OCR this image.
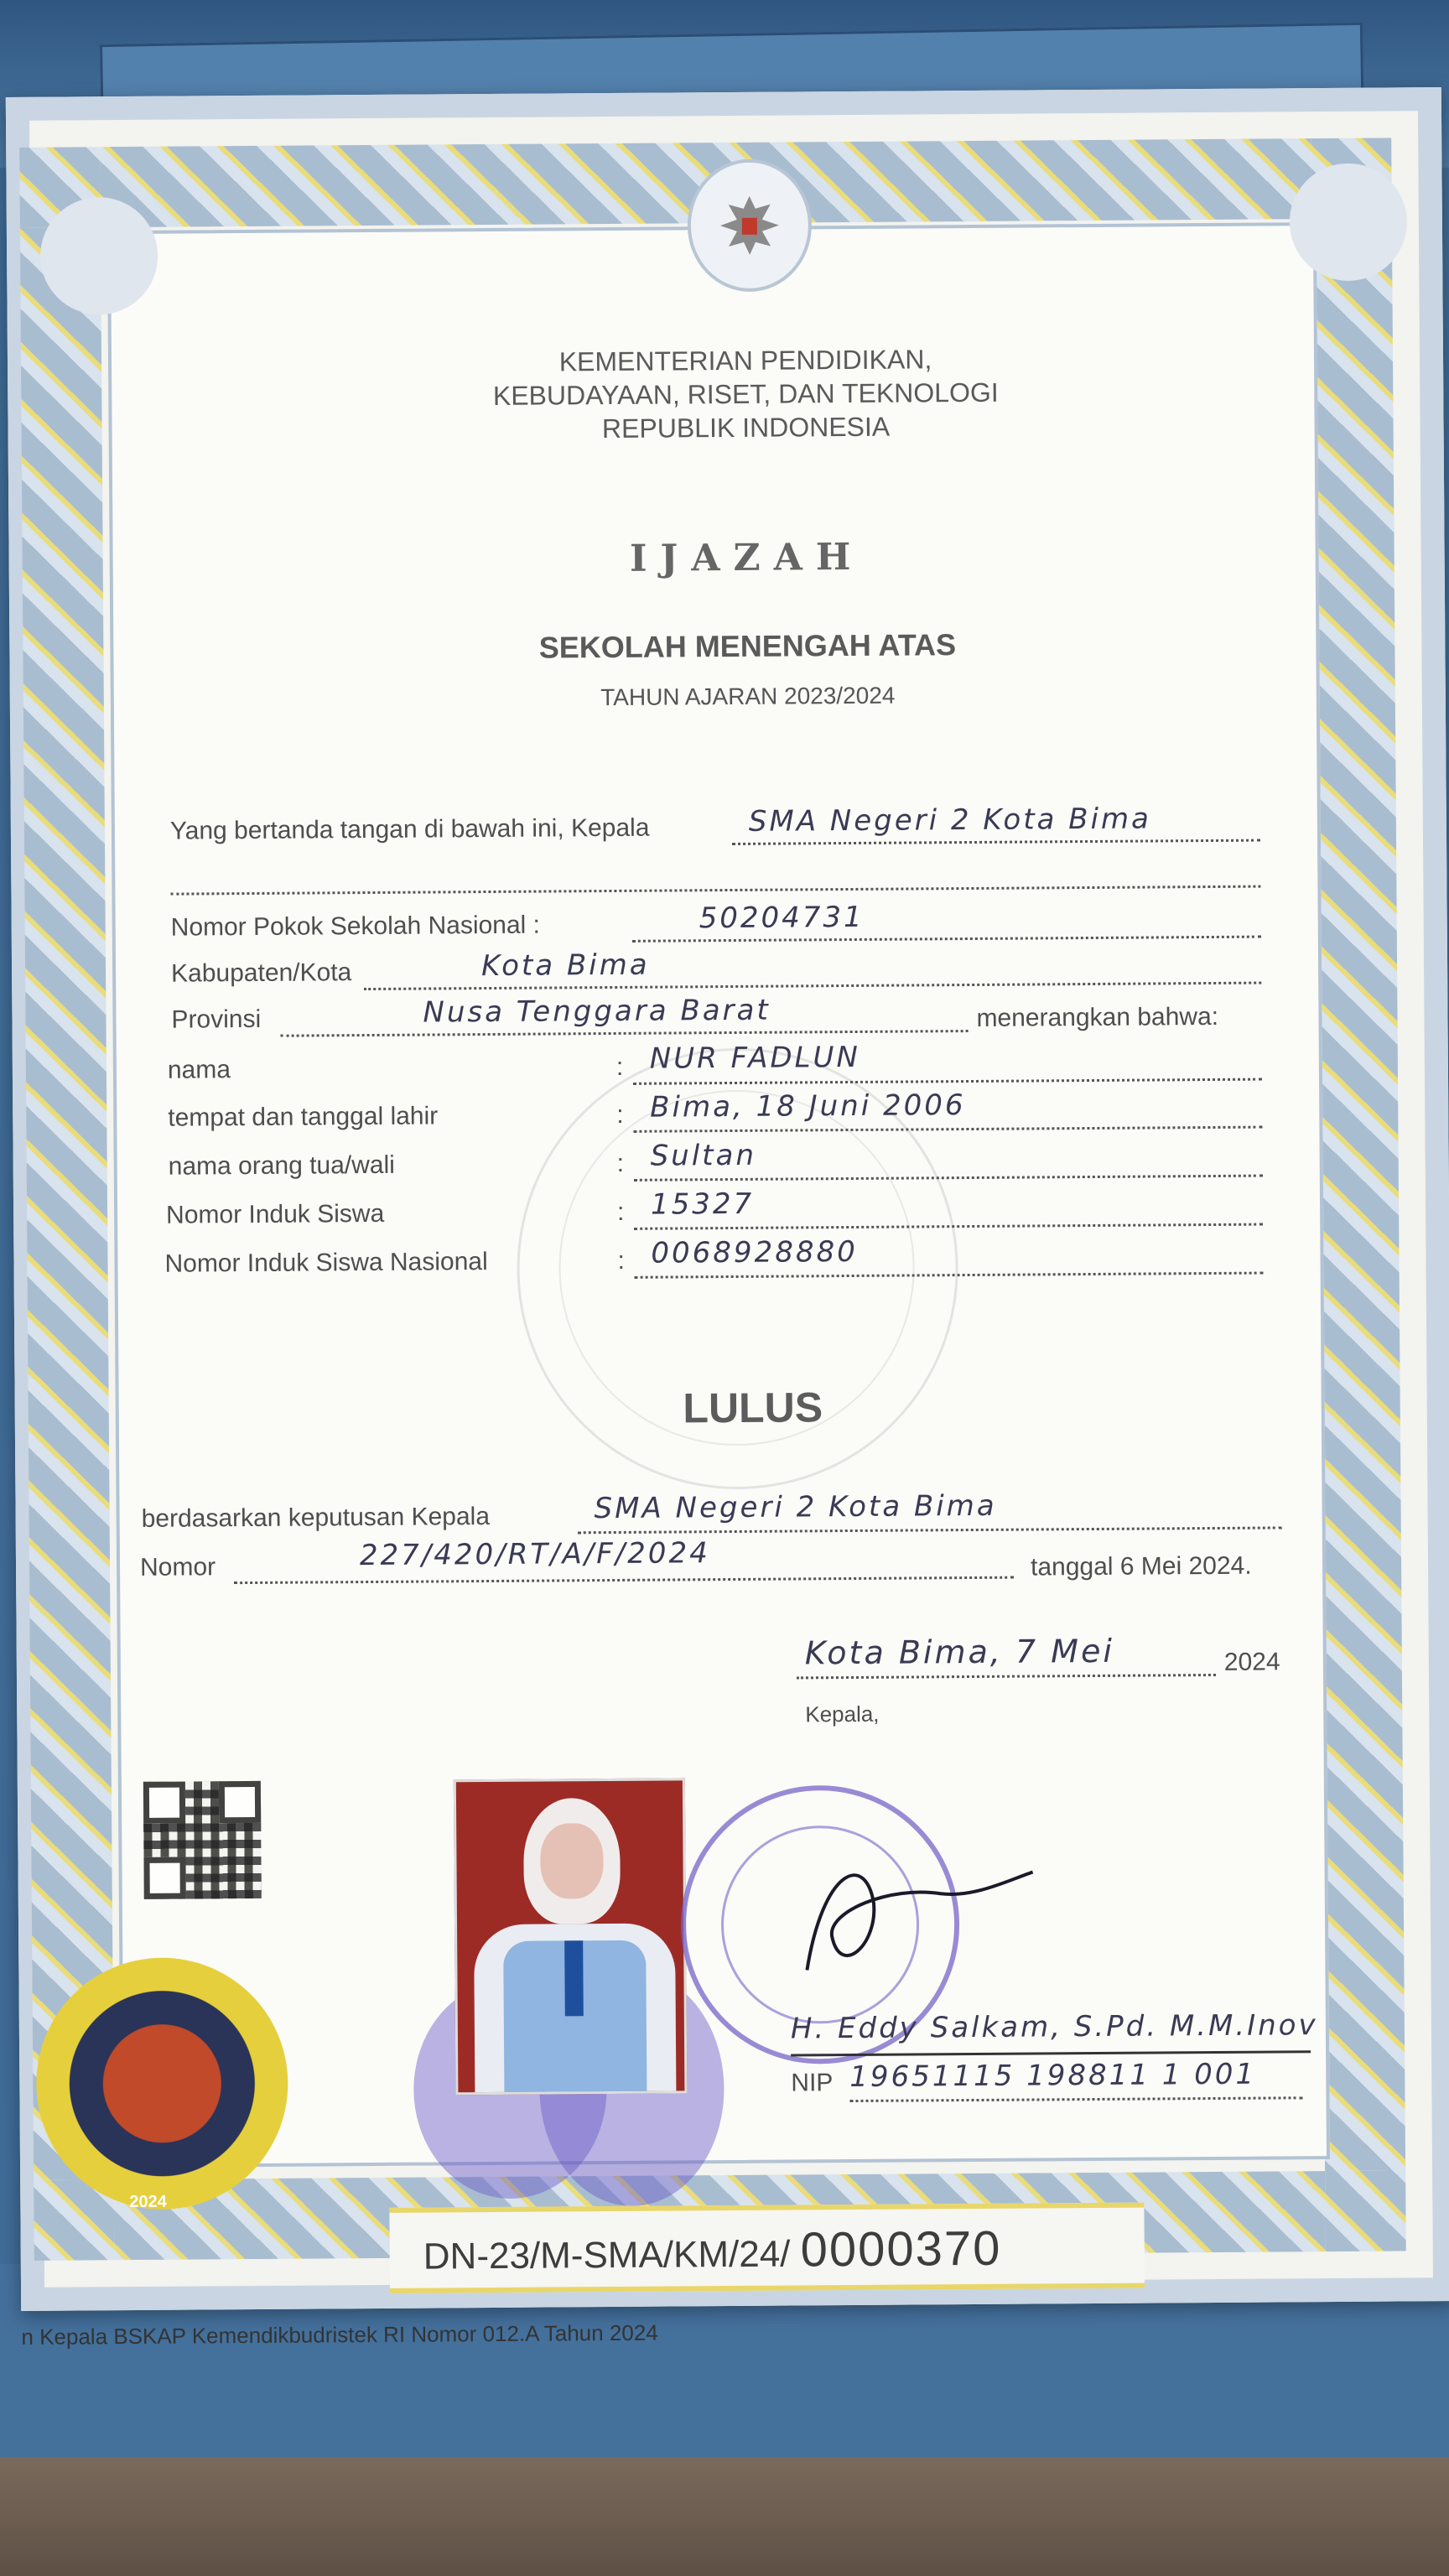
KEMENTERIAN PENDIDIKAN,
KEBUDAYAAN, RISET, DAN TEKNOLOGI
REPUBLIK INDONESIA
IJAZAH
SEKOLAH MENENGAH ATAS
TAHUN AJARAN 2023/2024
Yang bertanda tangan di bawah ini, Kepala	SMA Negeri 2 Kota Bima
Nomor Pokok Sekolah Nasional :	50204731
Kabupaten/Kota	Kota Bima
Provinsi	Nusa Tenggara Barat	menerangkan bahwa:
nama	: NUR FADLUN
tempat dan tanggal lahir	: Bima, 18 Juni 2006
nama orang tua/wali	: Sultan
Nomor Induk Siswa	: 15327
Nomor Induk Siswa Nasional	: 0068928880
LULUS
berdasarkan keputusan Kepala	SMA Negeri 2 Kota Bima
Nomor	227/420/RT/A/F/2024	tanggal 6 Mei 2024.
Kota Bima, 7 Mei	2024
Kepala,
H. Eddy Salkam, S.Pd. M.M.Inov
NIP 19651115 198811 1 001
2024
DN-23/M-SMA/KM/24/ 0000370
n Kepala BSKAP Kemendikbudristek RI Nomor 012.A Tahun 2024
